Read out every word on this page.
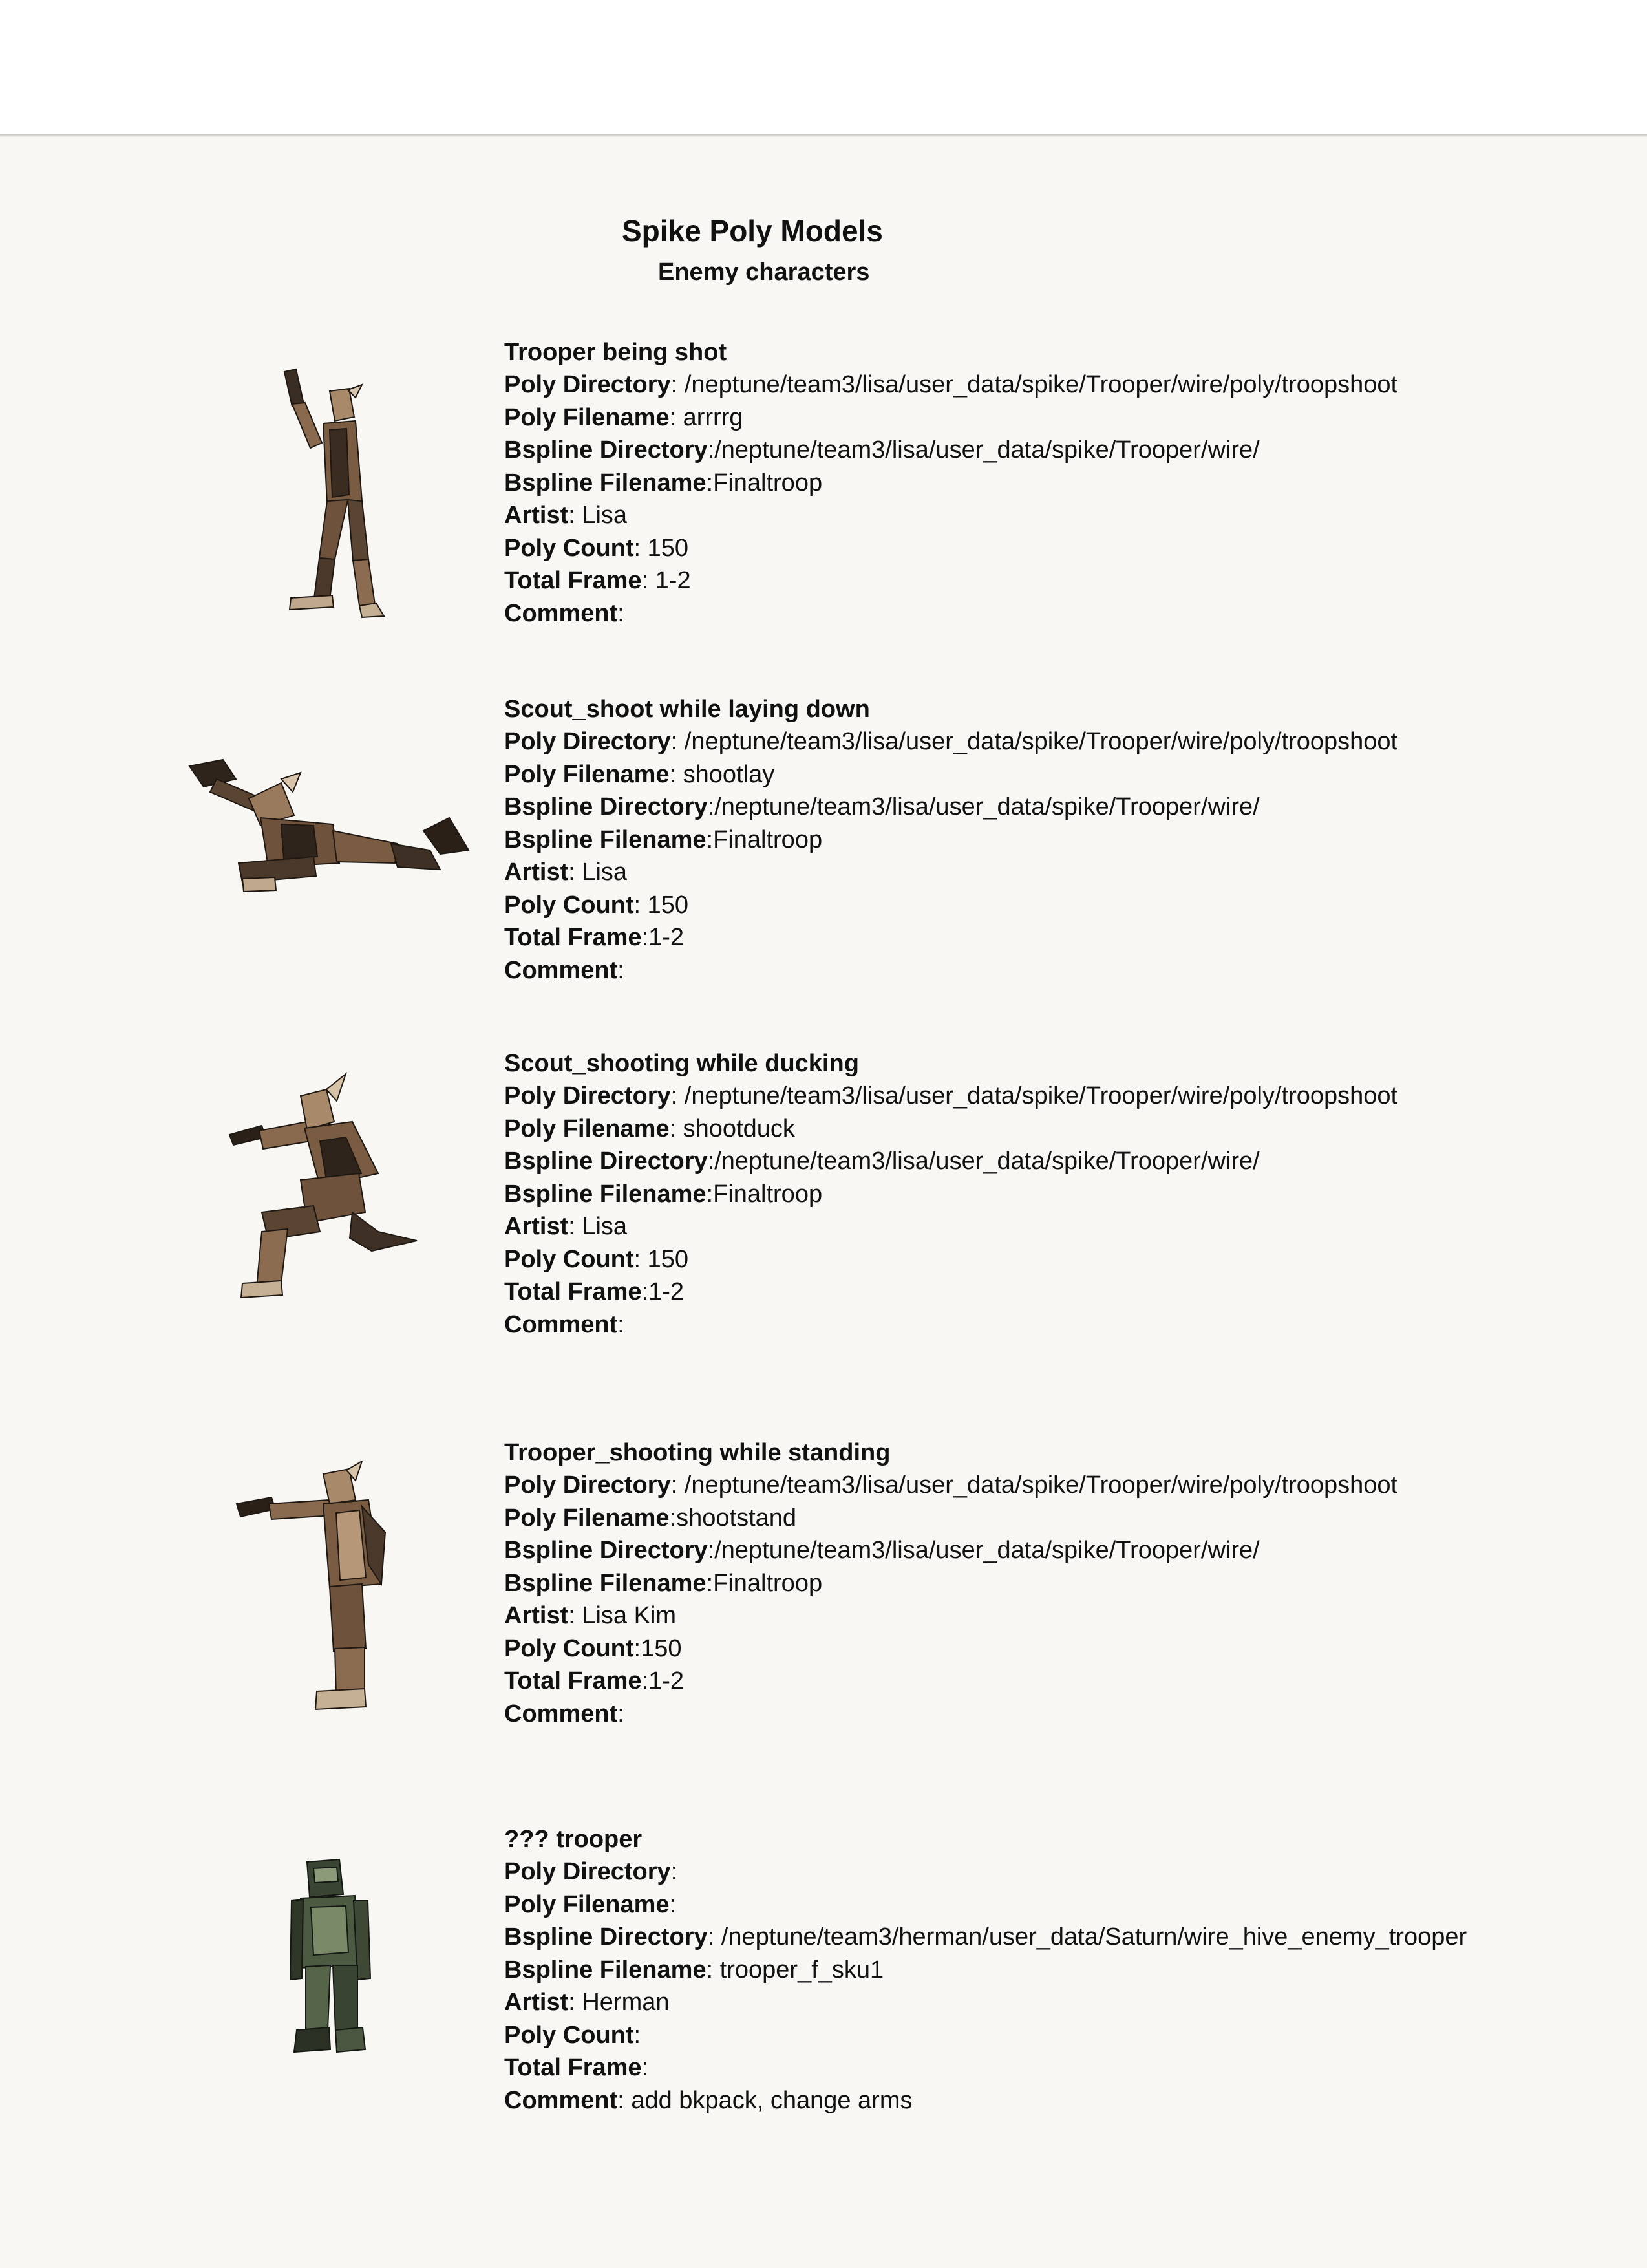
Spike Poly Models
Enemy characters
Trooper being shot
Poly Directory: /neptune/team3/lisa/user_data/spike/Trooper/wire/poly/troopshoot
Poly Filename: arrrrg
Bspline Directory:/neptune/team3/lisa/user_data/spike/Trooper/wire/
Bspline Filename:Finaltroop
Artist: Lisa
Poly Count: 150
Total Frame: 1-2
Comment:
Scout_shoot while laying down
Poly Directory: /neptune/team3/lisa/user_data/spike/Trooper/wire/poly/troopshoot
Poly Filename: shootlay
Bspline Directory:/neptune/team3/lisa/user_data/spike/Trooper/wire/
Bspline Filename:Finaltroop
Artist: Lisa
Poly Count: 150
Total Frame:1-2
Comment:
Scout_shooting while ducking
Poly Directory: /neptune/team3/lisa/user_data/spike/Trooper/wire/poly/troopshoot
Poly Filename: shootduck
Bspline Directory:/neptune/team3/lisa/user_data/spike/Trooper/wire/
Bspline Filename:Finaltroop
Artist: Lisa
Poly Count: 150
Total Frame:1-2
Comment:
Trooper_shooting while standing
Poly Directory: /neptune/team3/lisa/user_data/spike/Trooper/wire/poly/troopshoot
Poly Filename:shootstand
Bspline Directory:/neptune/team3/lisa/user_data/spike/Trooper/wire/
Bspline Filename:Finaltroop
Artist: Lisa Kim
Poly Count:150
Total Frame:1-2
Comment:
??? trooper
Poly Directory:
Poly Filename:
Bspline Directory: /neptune/team3/herman/user_data/Saturn/wire_hive_enemy_trooper
Bspline Filename: trooper_f_sku1
Artist: Herman
Poly Count:
Total Frame:
Comment: add bkpack, change arms
